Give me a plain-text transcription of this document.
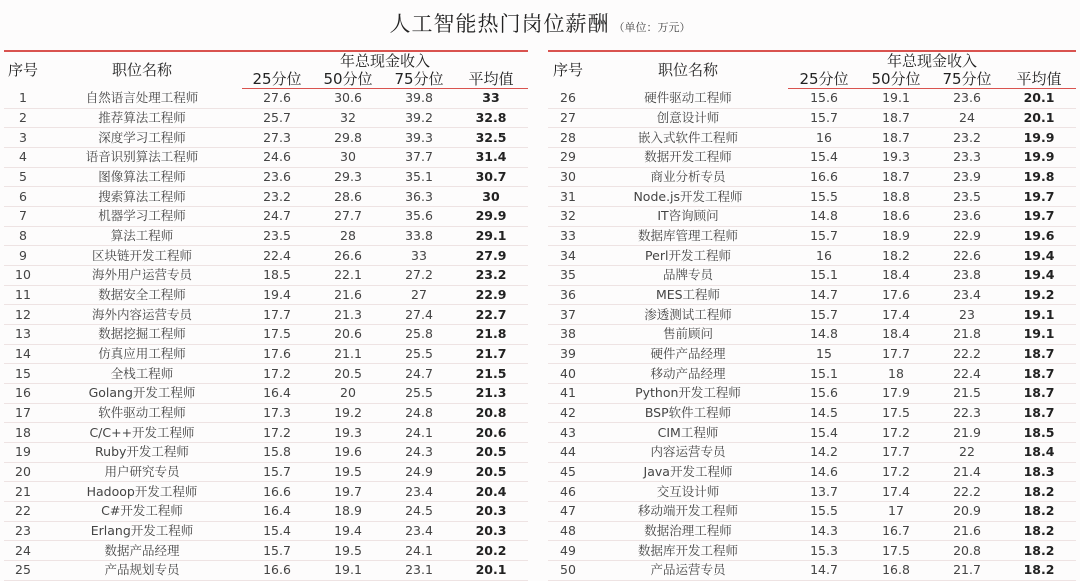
人工智能热门岗位薪酬 （单位：万元）
序号	职位名称	年总现金收入			
		25分位	50分位	75分位	平均值
1	自然语言处理工程师	27.6	30.6	39.8	33
2	推荐算法工程师	25.7	32	39.2	32.8
3	深度学习工程师	27.3	29.8	39.3	32.5
4	语音识别算法工程师	24.6	30	37.7	31.4
5	图像算法工程师	23.6	29.3	35.1	30.7
6	搜索算法工程师	23.2	28.6	36.3	30
7	机器学习工程师	24.7	27.7	35.6	29.9
8	算法工程师	23.5	28	33.8	29.1
9	区块链开发工程师	22.4	26.6	33	27.9
10	海外用户运营专员	18.5	22.1	27.2	23.2
11	数据安全工程师	19.4	21.6	27	22.9
12	海外内容运营专员	17.7	21.3	27.4	22.7
13	数据挖掘工程师	17.5	20.6	25.8	21.8
14	仿真应用工程师	17.6	21.1	25.5	21.7
15	全栈工程师	17.2	20.5	24.7	21.5
16	Golang开发工程师	16.4	20	25.5	21.3
17	软件驱动工程师	17.3	19.2	24.8	20.8
18	C/C++开发工程师	17.2	19.3	24.1	20.6
19	Ruby开发工程师	15.8	19.6	24.3	20.5
20	用户研究专员	15.7	19.5	24.9	20.5
21	Hadoop开发工程师	16.6	19.7	23.4	20.4
22	C#开发工程师	16.4	18.9	24.5	20.3
23	Erlang开发工程师	15.4	19.4	23.4	20.3
24	数据产品经理	15.7	19.5	24.1	20.2
25	产品规划专员	16.6	19.1	23.1	20.1
序号	职位名称	年总现金收入			
		25分位	50分位	75分位	平均值
26	硬件驱动工程师	15.6	19.1	23.6	20.1
27	创意设计师	15.7	18.7	24	20.1
28	嵌入式软件工程师	16	18.7	23.2	19.9
29	数据开发工程师	15.4	19.3	23.3	19.9
30	商业分析专员	16.6	18.7	23.9	19.8
31	Node.js开发工程师	15.5	18.8	23.5	19.7
32	IT咨询顾问	14.8	18.6	23.6	19.7
33	数据库管理工程师	15.7	18.9	22.9	19.6
34	Perl开发工程师	16	18.2	22.6	19.4
35	品牌专员	15.1	18.4	23.8	19.4
36	MES工程师	14.7	17.6	23.4	19.2
37	渗透测试工程师	15.7	17.4	23	19.1
38	售前顾问	14.8	18.4	21.8	19.1
39	硬件产品经理	15	17.7	22.2	18.7
40	移动产品经理	15.1	18	22.4	18.7
41	Python开发工程师	15.6	17.9	21.5	18.7
42	BSP软件工程师	14.5	17.5	22.3	18.7
43	CIM工程师	15.4	17.2	21.9	18.5
44	内容运营专员	14.2	17.7	22	18.4
45	Java开发工程师	14.6	17.2	21.4	18.3
46	交互设计师	13.7	17.4	22.2	18.2
47	移动端开发工程师	15.5	17	20.9	18.2
48	数据治理工程师	14.3	16.7	21.6	18.2
49	数据库开发工程师	15.3	17.5	20.8	18.2
50	产品运营专员	14.7	16.8	21.7	18.2
